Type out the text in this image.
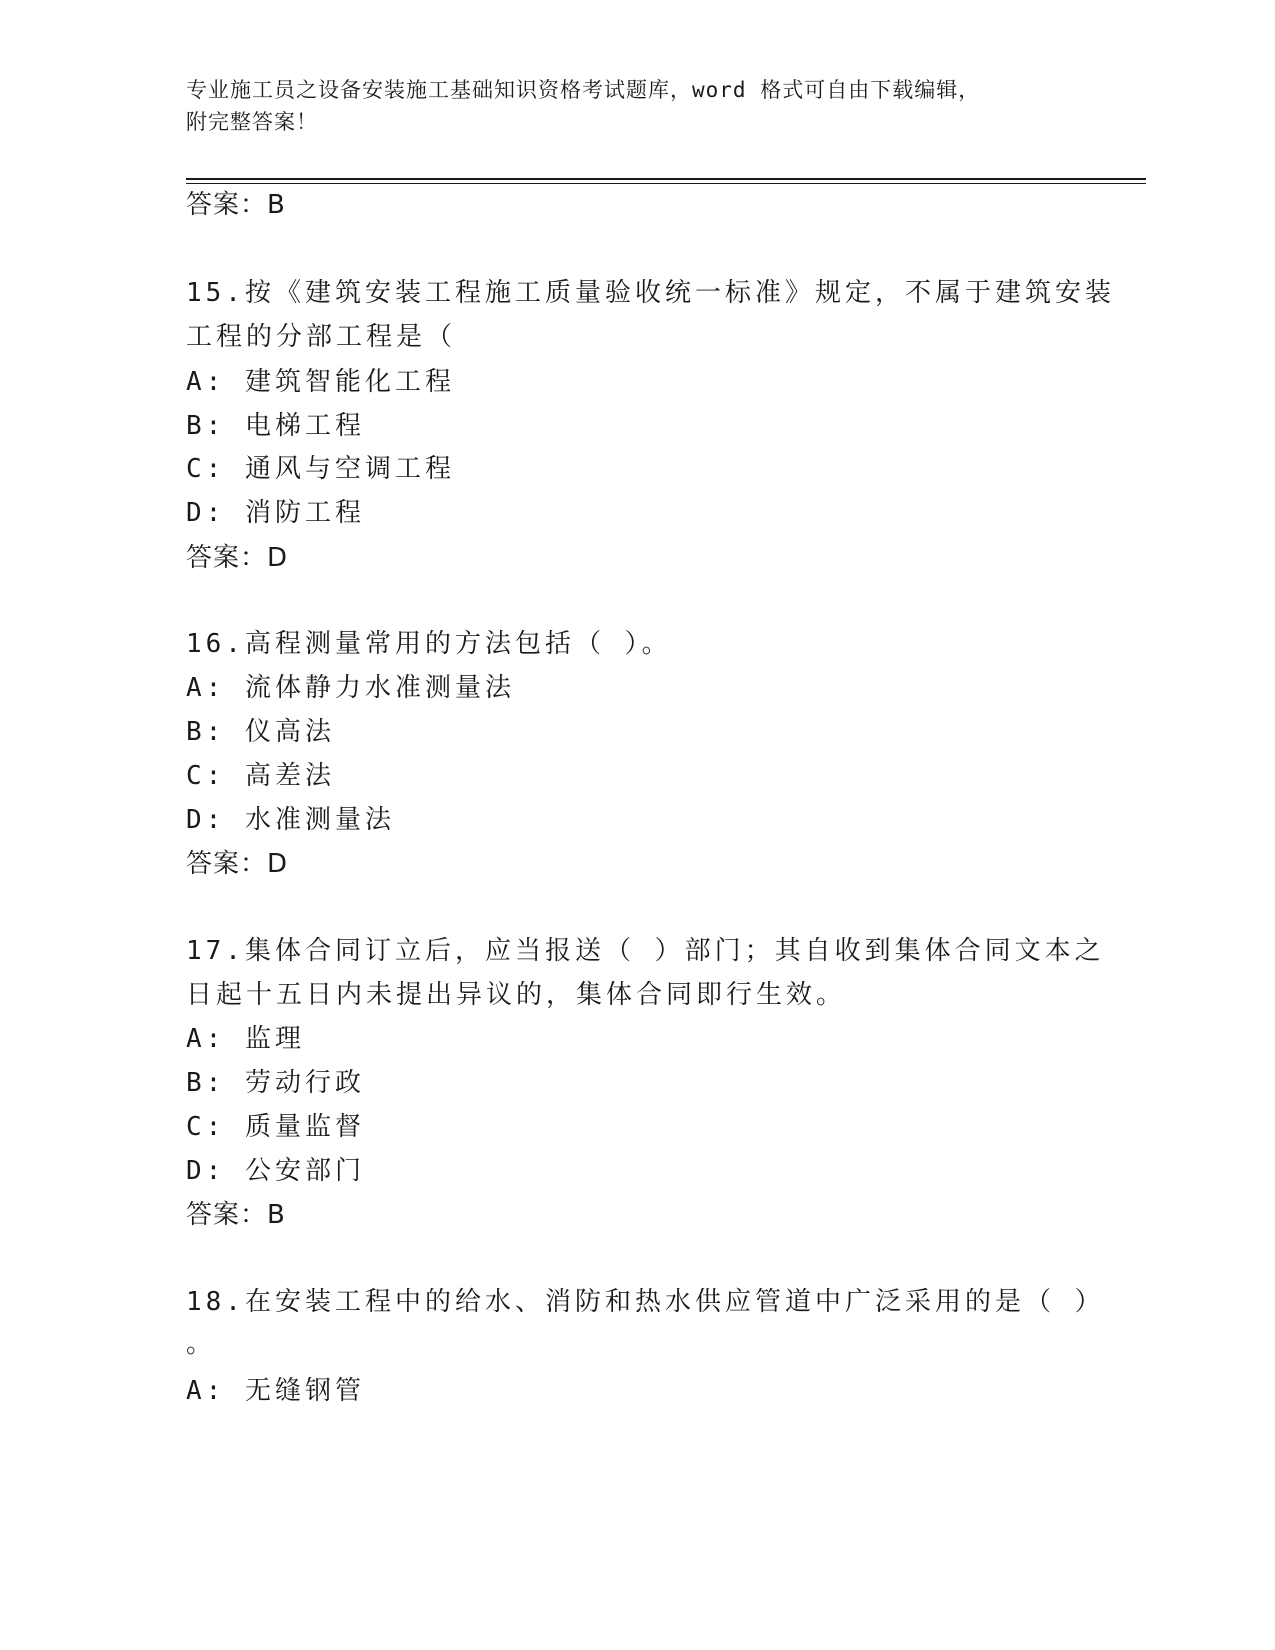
专业施工员之设备安装施工基础知识资格考试题库，word 格式可自由下载编辑，
附完整答案！
答案：B
15.按《建筑安装工程施工质量验收统一标准》规定，不属于建筑安装
工程的分部工程是（
A: 建筑智能化工程
B: 电梯工程
C: 通风与空调工程
D: 消防工程
答案：D
16.高程测量常用的方法包括（ ）。
A: 流体静力水准测量法
B: 仪高法
C: 高差法
D: 水准测量法
答案：D
17.集体合同订立后，应当报送（ ）部门；其自收到集体合同文本之
日起十五日内未提出异议的，集体合同即行生效。
A: 监理
B: 劳动行政
C: 质量监督
D: 公安部门
答案：B
18.在安装工程中的给水、消防和热水供应管道中广泛采用的是（ ）
。
A: 无缝钢管
